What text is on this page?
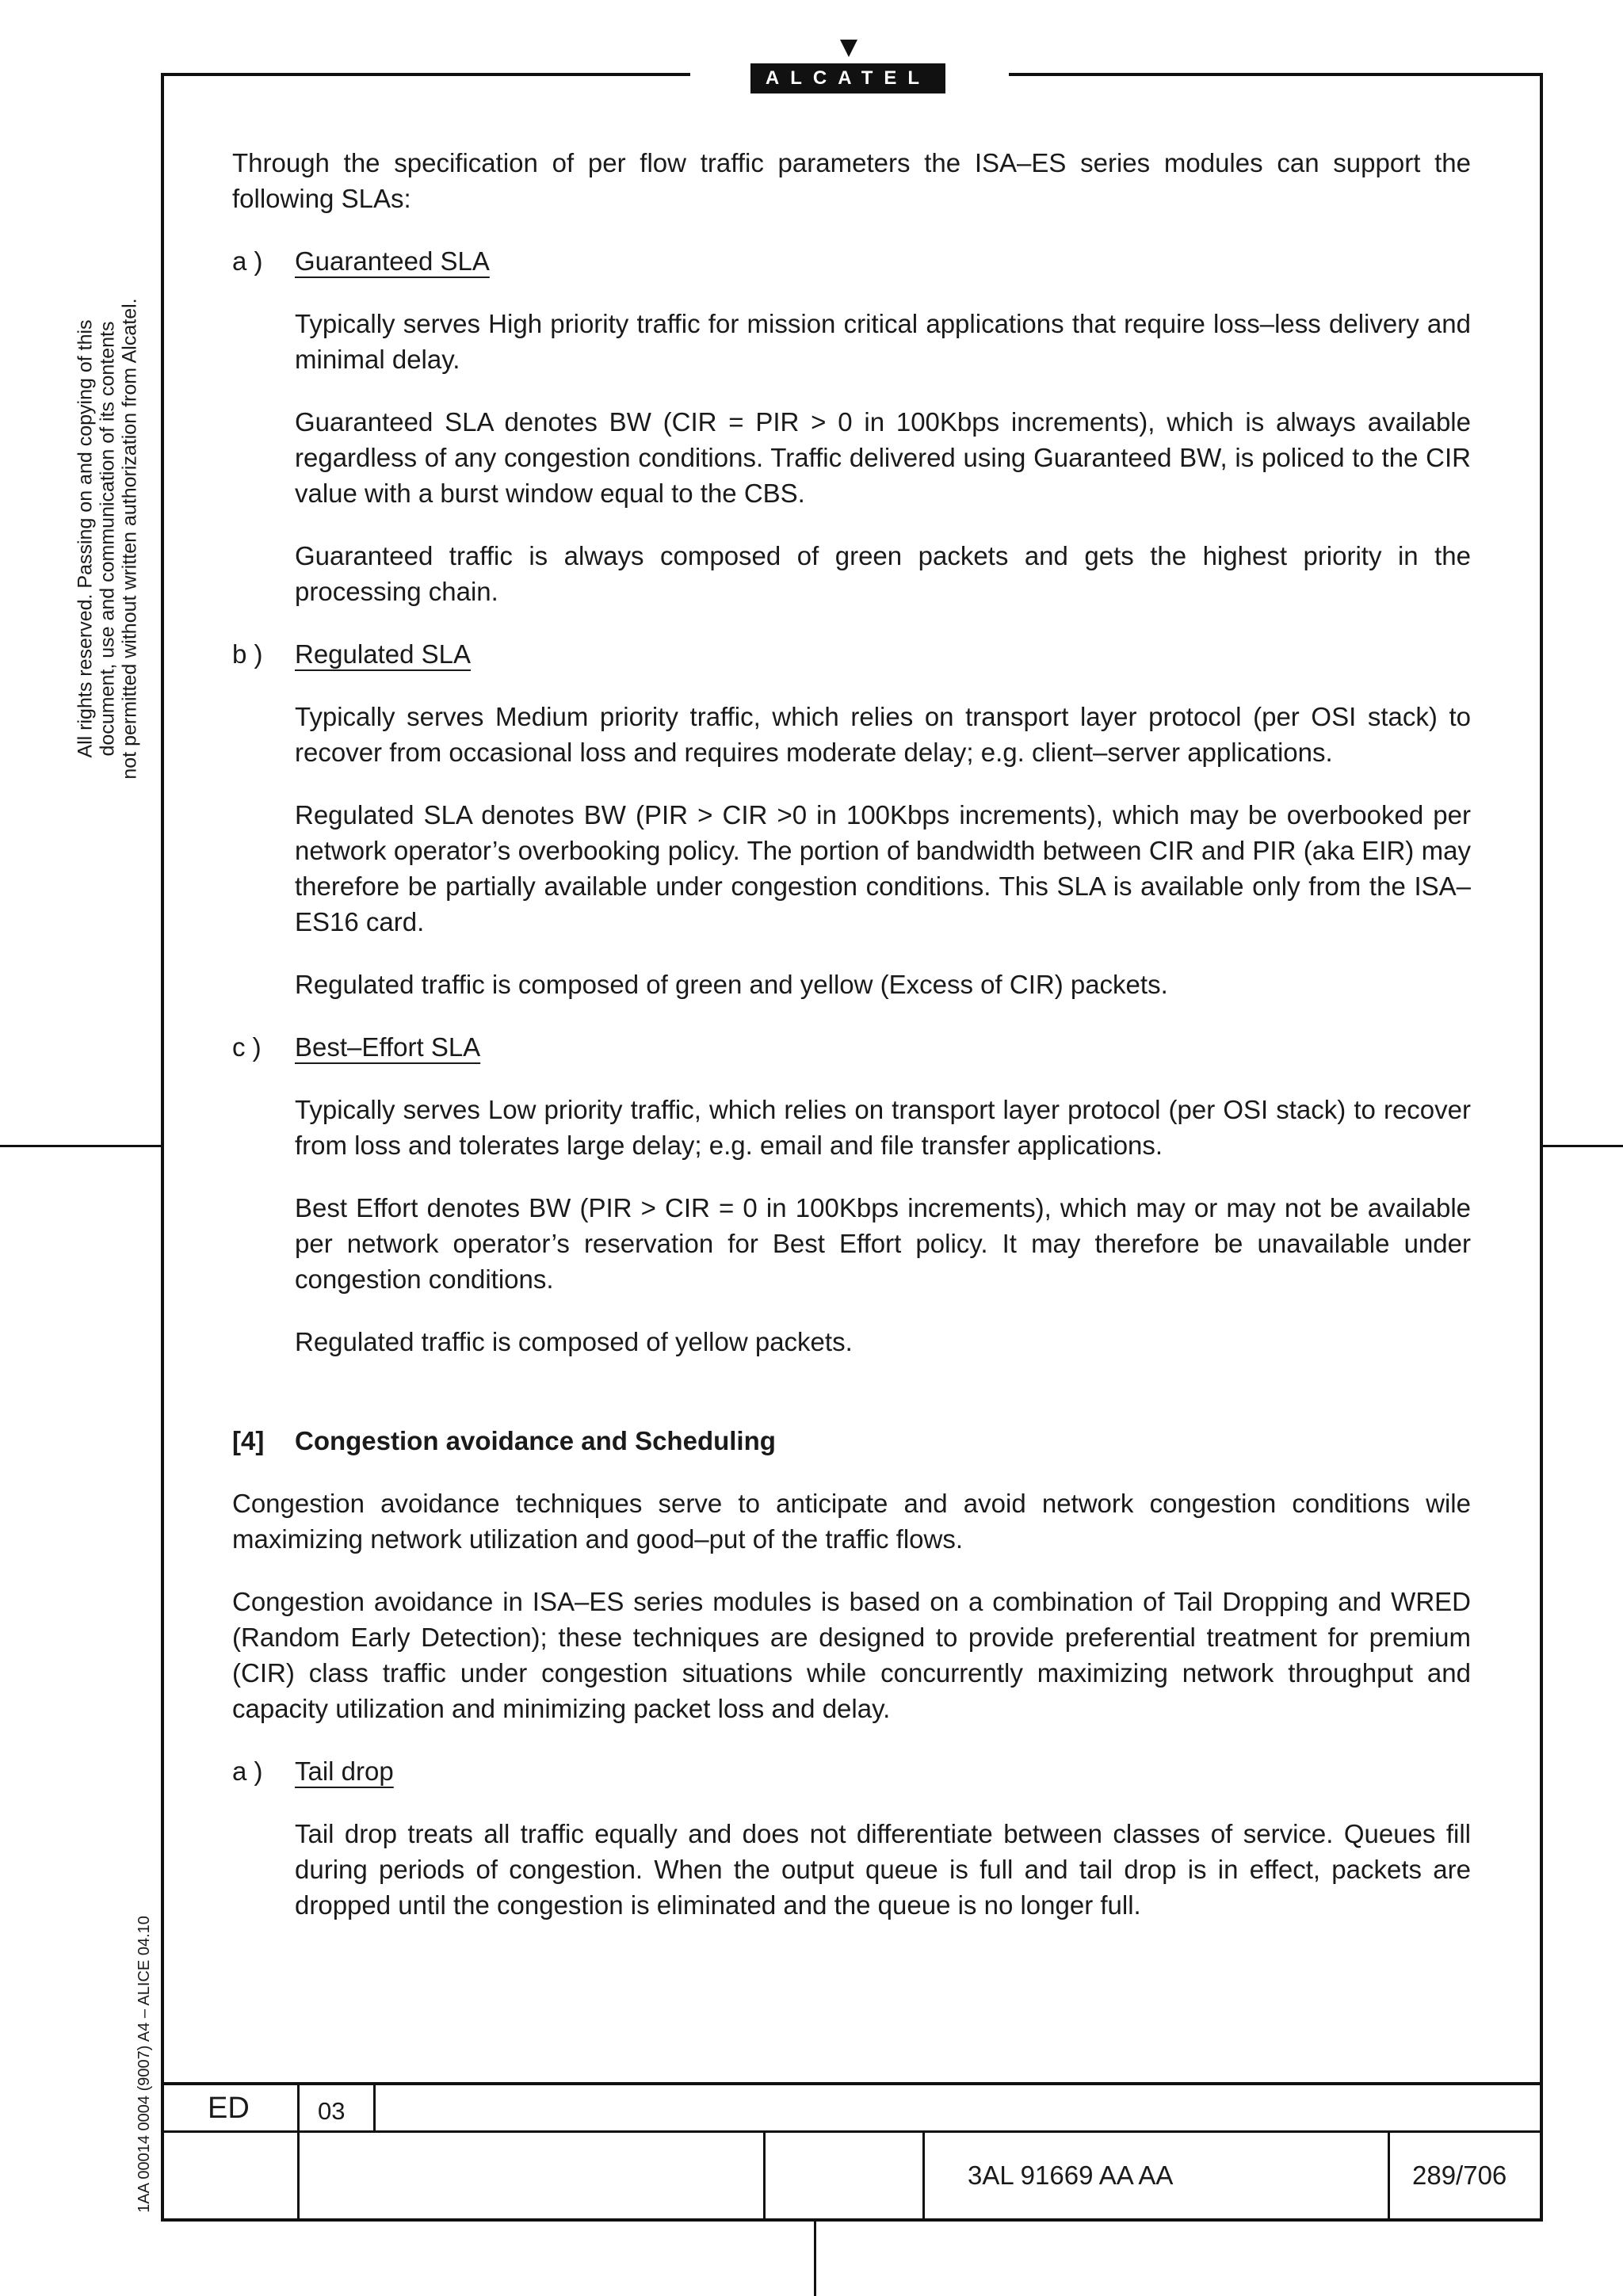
ALCATEL
All rights reserved. Passing on and copying of this document, use and communication of its contents not permitted without written authorization from Alcatel.
1AA 00014 0004 (9007) A4 – ALICE 04.10

Through the specification of per flow traffic parameters the ISA–ES series modules can support the following SLAs:

a )	Guaranteed SLA

Typically serves High priority traffic for mission critical applications that require loss–less delivery and minimal delay.

Guaranteed SLA denotes BW (CIR = PIR > 0 in 100Kbps increments), which is always available regardless of any congestion conditions. Traffic delivered using Guaranteed BW, is policed to the CIR value with a burst window equal to the CBS.

Guaranteed traffic is always composed of green packets and gets the highest priority in the processing chain.

b )	Regulated SLA

Typically serves Medium priority traffic, which relies on transport layer protocol (per OSI stack) to recover from occasional loss and requires moderate delay; e.g. client–server applications.

Regulated SLA denotes BW (PIR > CIR >0 in 100Kbps increments), which may be overbooked per network operator’s overbooking policy. The portion of bandwidth between CIR and PIR (aka EIR) may therefore be partially available under congestion conditions. This SLA is available only from the ISA–ES16 card.

Regulated traffic is composed of green and yellow (Excess of CIR) packets.

c )	Best–Effort SLA

Typically serves Low priority traffic, which relies on transport layer protocol (per OSI stack) to recover from loss and tolerates large delay; e.g. email and file transfer applications.

Best Effort denotes BW (PIR > CIR = 0 in 100Kbps increments), which may or may not be available per network operator’s reservation for Best Effort policy. It may therefore be unavailable under congestion conditions.

Regulated traffic is composed of yellow packets.

[4]	Congestion avoidance and Scheduling

Congestion avoidance techniques serve to anticipate and avoid network congestion conditions wile maximizing network utilization and good–put of the traffic flows.

Congestion avoidance in ISA–ES series modules is based on a combination of Tail Dropping and WRED (Random Early Detection); these techniques are designed to provide preferential treatment for premium (CIR) class traffic under congestion situations while concurrently maximizing network throughput and capacity utilization and minimizing packet loss and delay.

a )	Tail drop

Tail drop treats all traffic equally and does not differentiate between classes of service. Queues fill during periods of congestion. When the output queue is full and tail drop is in effect, packets are dropped until the congestion is eliminated and the queue is no longer full.

ED	03
3AL 91669 AA AA	289/706
